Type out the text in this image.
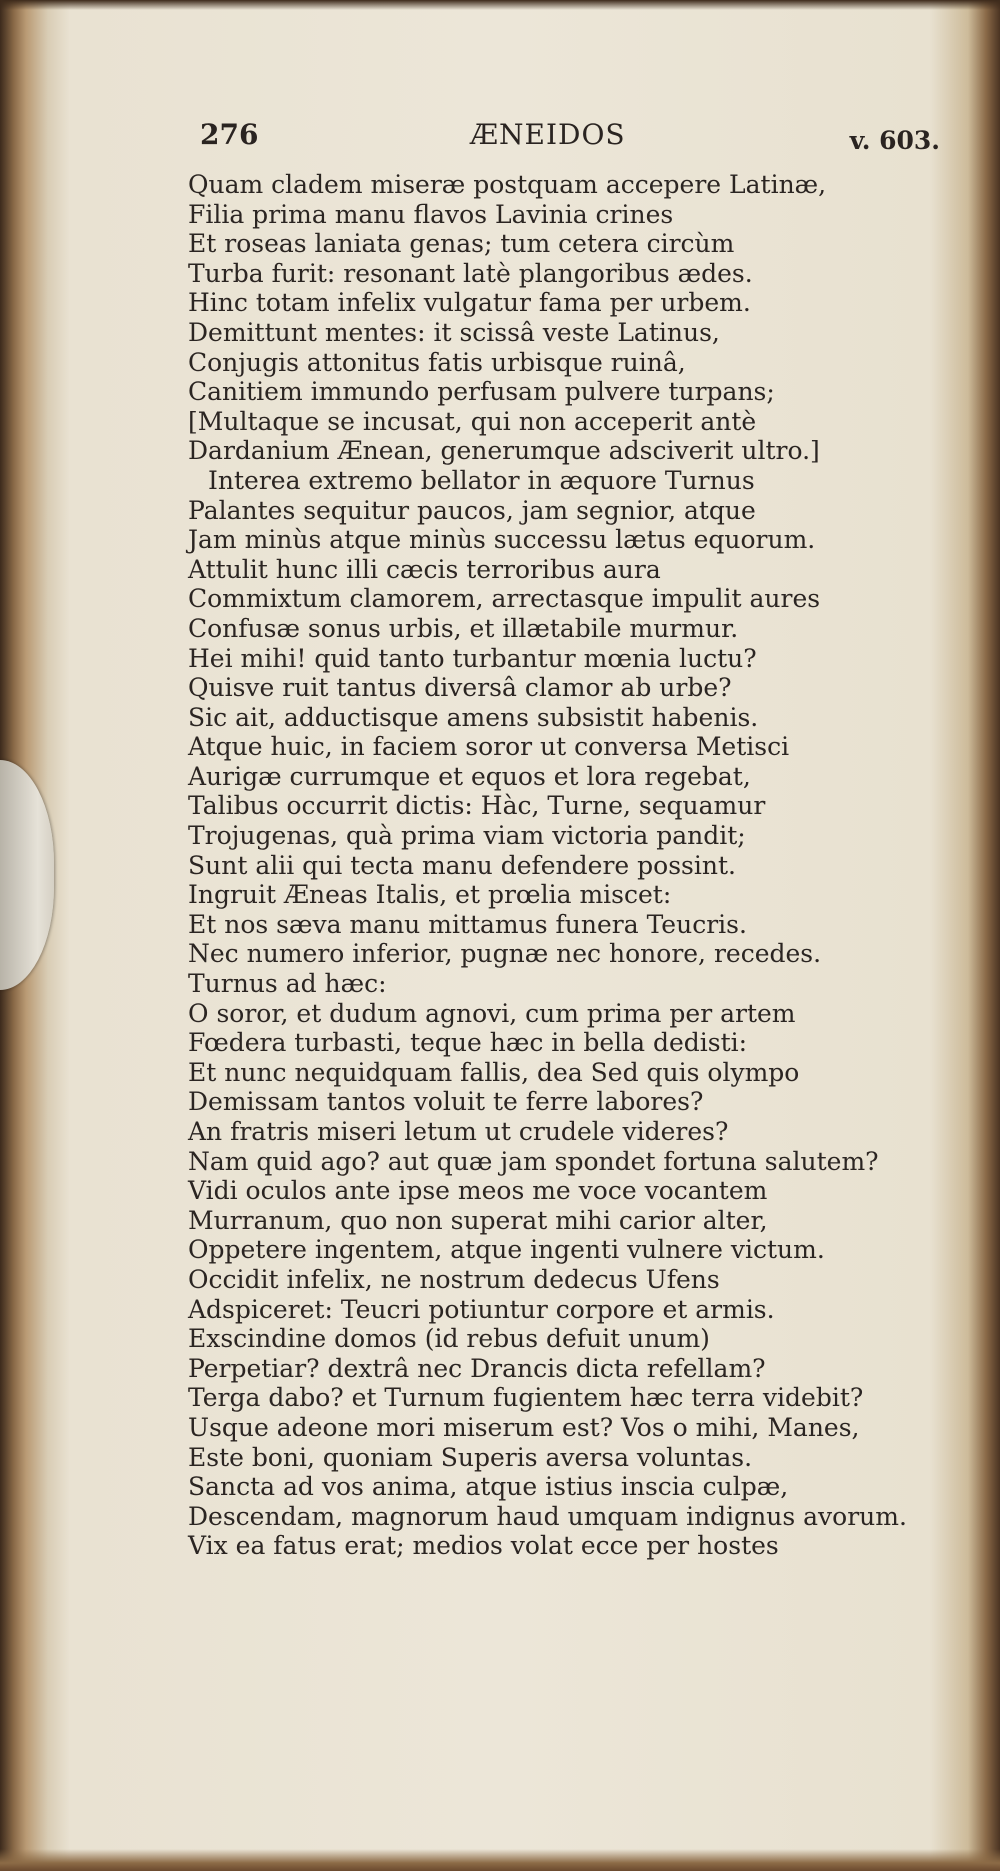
276	ÆNEIDOS	v. 603.
Quam cladem miseræ postquam accepere Latinæ,
Filia prima manu flavos Lavinia crines
Et roseas laniata genas; tum cetera circùm
Turba furit: resonant latè plangoribus ædes.
Hinc totam infelix vulgatur fama per urbem.
Demittunt mentes: it scissâ veste Latinus,
Conjugis attonitus fatis urbisque ruinâ,
Canitiem immundo perfusam pulvere turpans;
[Multaque se incusat, qui non acceperit antè
Dardanium Ænean, generumque adsciverit ultro.]
Interea extremo bellator in æquore Turnus
Palantes sequitur paucos, jam segnior, atque
Jam minùs atque minùs successu lætus equorum.
Attulit hunc illi cæcis terroribus aura
Commixtum clamorem, arrectasque impulit aures
Confusæ sonus urbis, et illætabile murmur.
Hei mihi! quid tanto turbantur mœnia luctu?
Quisve ruit tantus diversâ clamor ab urbe?
Sic ait, adductisque amens subsistit habenis.
Atque huic, in faciem soror ut conversa Metisci
Aurigæ currumque et equos et lora regebat,
Talibus occurrit dictis: Hàc, Turne, sequamur
Trojugenas, quà prima viam victoria pandit;
Sunt alii qui tecta manu defendere possint.
Ingruit Æneas Italis, et prœlia miscet:
Et nos sæva manu mittamus funera Teucris.
Nec numero inferior, pugnæ nec honore, recedes.
Turnus ad hæc:
O soror, et dudum agnovi, cum prima per artem
Fœdera turbasti, teque hæc in bella dedisti:
Et nunc nequidquam fallis, dea Sed quis olympo
Demissam tantos voluit te ferre labores?
An fratris miseri letum ut crudele videres?
Nam quid ago? aut quæ jam spondet fortuna salutem?
Vidi oculos ante ipse meos me voce vocantem
Murranum, quo non superat mihi carior alter,
Oppetere ingentem, atque ingenti vulnere victum.
Occidit infelix, ne nostrum dedecus Ufens
Adspiceret: Teucri potiuntur corpore et armis.
Exscindine domos (id rebus defuit unum)
Perpetiar? dextrâ nec Drancis dicta refellam?
Terga dabo? et Turnum fugientem hæc terra videbit?
Usque adeone mori miserum est? Vos o mihi, Manes,
Este boni, quoniam Superis aversa voluntas.
Sancta ad vos anima, atque istius inscia culpæ,
Descendam, magnorum haud umquam indignus avorum.
Vix ea fatus erat; medios volat ecce per hostes
